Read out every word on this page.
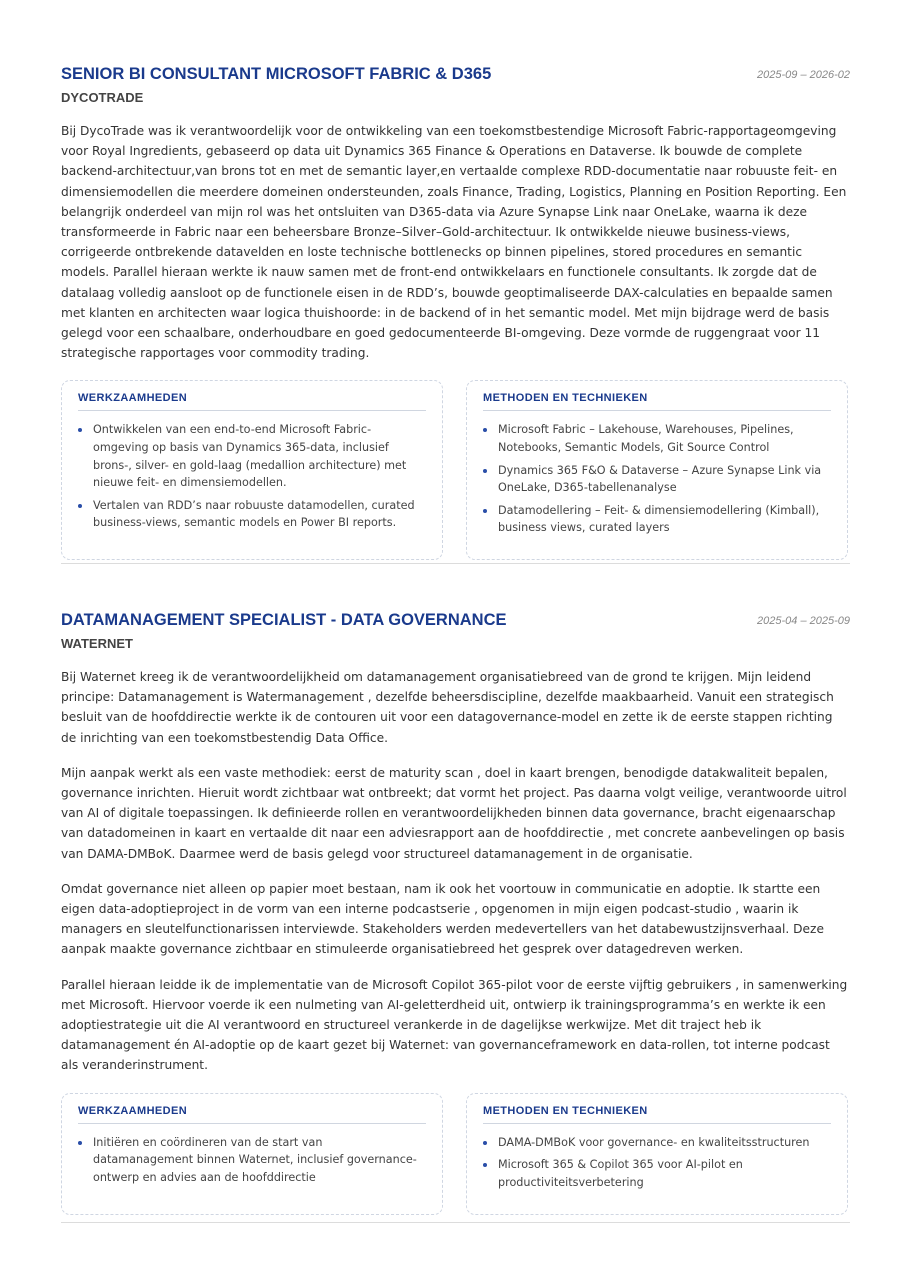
SENIOR BI CONSULTANT MICROSOFT FABRIC & D365	2025-09 – 2026-02
DYCOTRADE

Bij DycoTrade was ik verantwoordelijk voor de ontwikkeling van een toekomstbestendige Microsoft Fabric-rapportageomgeving voor Royal Ingredients, gebaseerd op data uit Dynamics 365 Finance & Operations en Dataverse. Ik bouwde de complete backend-architectuur,van brons tot en met de semantic layer,en vertaalde complexe RDD-documentatie naar robuuste feit- en dimensiemodellen die meerdere domeinen ondersteunden, zoals Finance, Trading, Logistics, Planning en Position Reporting. Een belangrijk onderdeel van mijn rol was het ontsluiten van D365-data via Azure Synapse Link naar OneLake, waarna ik deze transformeerde in Fabric naar een beheersbare Bronze–Silver–Gold-architectuur. Ik ontwikkelde nieuwe business-views, corrigeerde ontbrekende datavelden en loste technische bottlenecks op binnen pipelines, stored procedures en semantic models. Parallel hieraan werkte ik nauw samen met de front-end ontwikkelaars en functionele consultants. Ik zorgde dat de datalaag volledig aansloot op de functionele eisen in de RDD’s, bouwde geoptimaliseerde DAX-calculaties en bepaalde samen met klanten en architecten waar logica thuishoorde: in de backend of in het semantic model. Met mijn bijdrage werd de basis gelegd voor een schaalbare, onderhoudbare en goed gedocumenteerde BI-omgeving. Deze vormde de ruggengraat voor 11 strategische rapportages voor commodity trading.

WERKZAAMHEDEN
Ontwikkelen van een end-to-end Microsoft Fabric-omgeving op basis van Dynamics 365-data, inclusief brons-, silver- en gold-laag (medallion architecture) met nieuwe feit- en dimensiemodellen.
Vertalen van RDD’s naar robuuste datamodellen, curated business-views, semantic models en Power BI reports.
METHODEN EN TECHNIEKEN
Microsoft Fabric – Lakehouse, Warehouses, Pipelines, Notebooks, Semantic Models, Git Source Control
Dynamics 365 F&O & Dataverse – Azure Synapse Link via OneLake, D365-tabellenanalyse
Datamodellering – Feit- & dimensiemodellering (Kimball), business views, curated layers
DATAMANAGEMENT SPECIALIST - DATA GOVERNANCE	2025-04 – 2025-09
WATERNET

Bij Waternet kreeg ik de verantwoordelijkheid om datamanagement organisatiebreed van de grond te krijgen. Mijn leidend principe: Datamanagement is Watermanagement , dezelfde beheersdiscipline, dezelfde maakbaarheid. Vanuit een strategisch besluit van de hoofddirectie werkte ik de contouren uit voor een datagovernance-model en zette ik de eerste stappen richting de inrichting van een toekomstbestendig Data Office.

Mijn aanpak werkt als een vaste methodiek: eerst de maturity scan , doel in kaart brengen, benodigde datakwaliteit bepalen, governance inrichten. Hieruit wordt zichtbaar wat ontbreekt; dat vormt het project. Pas daarna volgt veilige, verantwoorde uitrol van AI of digitale toepassingen. Ik definieerde rollen en verantwoordelijkheden binnen data governance, bracht eigenaarschap van datadomeinen in kaart en vertaalde dit naar een adviesrapport aan de hoofddirectie , met concrete aanbevelingen op basis van DAMA-DMBoK. Daarmee werd de basis gelegd voor structureel datamanagement in de organisatie.

Omdat governance niet alleen op papier moet bestaan, nam ik ook het voortouw in communicatie en adoptie. Ik startte een eigen data-adoptieproject in de vorm van een interne podcastserie , opgenomen in mijn eigen podcast-studio , waarin ik managers en sleutelfunctionarissen interviewde. Stakeholders werden medevertellers van het databewustzijnsverhaal. Deze aanpak maakte governance zichtbaar en stimuleerde organisatiebreed het gesprek over datagedreven werken.

Parallel hieraan leidde ik de implementatie van de Microsoft Copilot 365-pilot voor de eerste vijftig gebruikers , in samenwerking met Microsoft. Hiervoor voerde ik een nulmeting van AI-geletterdheid uit, ontwierp ik trainingsprogramma’s en werkte ik een adoptiestrategie uit die AI verantwoord en structureel verankerde in de dagelijkse werkwijze. Met dit traject heb ik datamanagement én AI-adoptie op de kaart gezet bij Waternet: van governanceframework en data-rollen, tot interne podcast als veranderinstrument.

WERKZAAMHEDEN
Initiëren en coördineren van de start van datamanagement binnen Waternet, inclusief governance-ontwerp en advies aan de hoofddirectie
METHODEN EN TECHNIEKEN
DAMA-DMBoK voor governance- en kwaliteitsstructuren
Microsoft 365 & Copilot 365 voor AI-pilot en productiviteitsverbetering
